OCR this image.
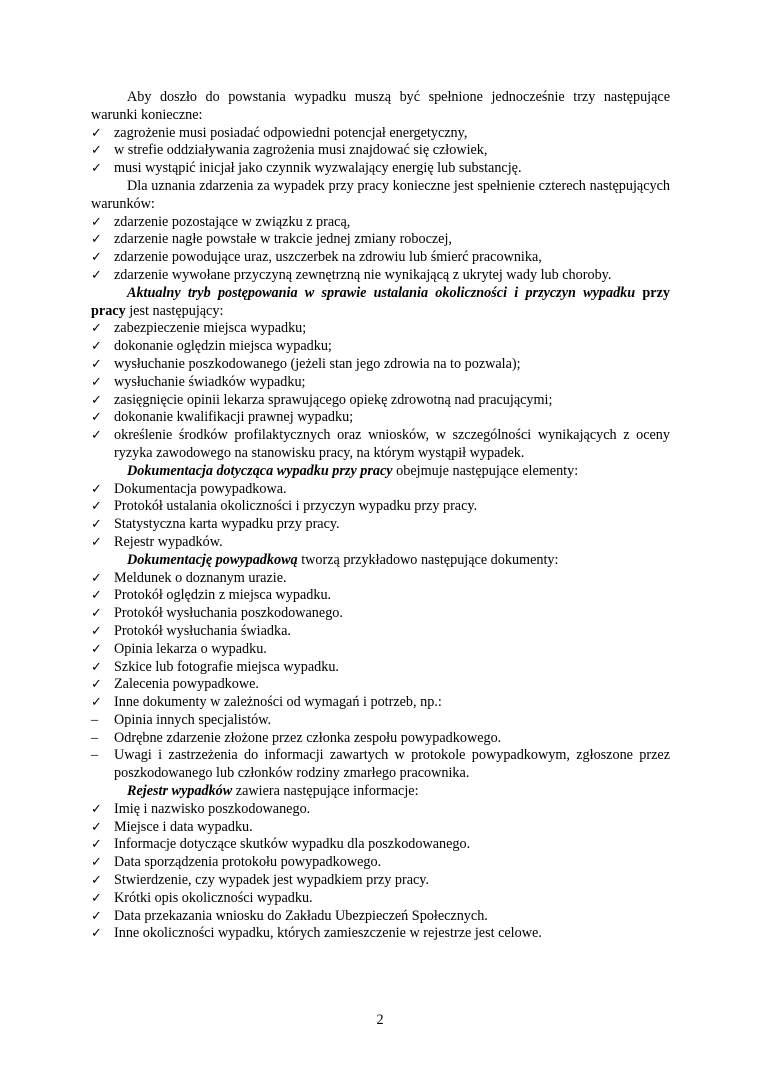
Aby doszło do powstania wypadku muszą być spełnione jednocześnie trzy następujące warunki konieczne:
✓ zagrożenie musi posiadać odpowiedni potencjał energetyczny,
✓ w strefie oddziaływania zagrożenia musi znajdować się człowiek,
✓ musi wystąpić inicjał jako czynnik wyzwalający energię lub substancję.
Dla uznania zdarzenia za wypadek przy pracy konieczne jest spełnienie czterech następujących warunków:
✓ zdarzenie pozostające w związku z pracą,
✓ zdarzenie nagłe powstałe w trakcie jednej zmiany roboczej,
✓ zdarzenie powodujące uraz, uszczerbek na zdrowiu lub śmierć pracownika,
✓ zdarzenie wywołane przyczyną zewnętrzną nie wynikającą z ukrytej wady lub choroby.
Aktualny tryb postępowania w sprawie ustalania okoliczności i przyczyn wypadku przy pracy jest następujący:
✓ zabezpieczenie miejsca wypadku;
✓ dokonanie oględzin miejsca wypadku;
✓ wysłuchanie poszkodowanego (jeżeli stan jego zdrowia na to pozwala);
✓ wysłuchanie świadków wypadku;
✓ zasięgnięcie opinii lekarza sprawującego opiekę zdrowotną nad pracującymi;
✓ dokonanie kwalifikacji prawnej wypadku;
✓ określenie środków profilaktycznych oraz wniosków, w szczególności wynikających z oceny ryzyka zawodowego na stanowisku pracy, na którym wystąpił wypadek.
Dokumentacja dotycząca wypadku przy pracy obejmuje następujące elementy:
✓ Dokumentacja powypadkowa.
✓ Protokół ustalania okoliczności i przyczyn wypadku przy pracy.
✓ Statystyczna karta wypadku przy pracy.
✓ Rejestr wypadków.
Dokumentację powypadkową tworzą przykładowo następujące dokumenty:
✓ Meldunek o doznanym urazie.
✓ Protokół oględzin z miejsca wypadku.
✓ Protokół wysłuchania poszkodowanego.
✓ Protokół wysłuchania świadka.
✓ Opinia lekarza o wypadku.
✓ Szkice lub fotografie miejsca wypadku.
✓ Zalecenia powypadkowe.
✓ Inne dokumenty w zależności od wymagań i potrzeb, np.:
–	Opinia innych specjalistów.
–	Odrębne zdarzenie złożone przez członka zespołu powypadkowego.
–	Uwagi i zastrzeżenia do informacji zawartych w protokole powypadkowym, zgłoszone przez poszkodowanego lub członków rodziny zmarłego pracownika.
Rejestr wypadków zawiera następujące informacje:
✓ Imię i nazwisko poszkodowanego.
✓ Miejsce i data wypadku.
✓ Informacje dotyczące skutków wypadku dla poszkodowanego.
✓ Data sporządzenia protokołu powypadkowego.
✓ Stwierdzenie, czy wypadek jest wypadkiem przy pracy.
✓ Krótki opis okoliczności wypadku.
✓ Data przekazania wniosku do Zakładu Ubezpieczeń Społecznych.
✓ Inne okoliczności wypadku, których zamieszczenie w rejestrze jest celowe.
2
